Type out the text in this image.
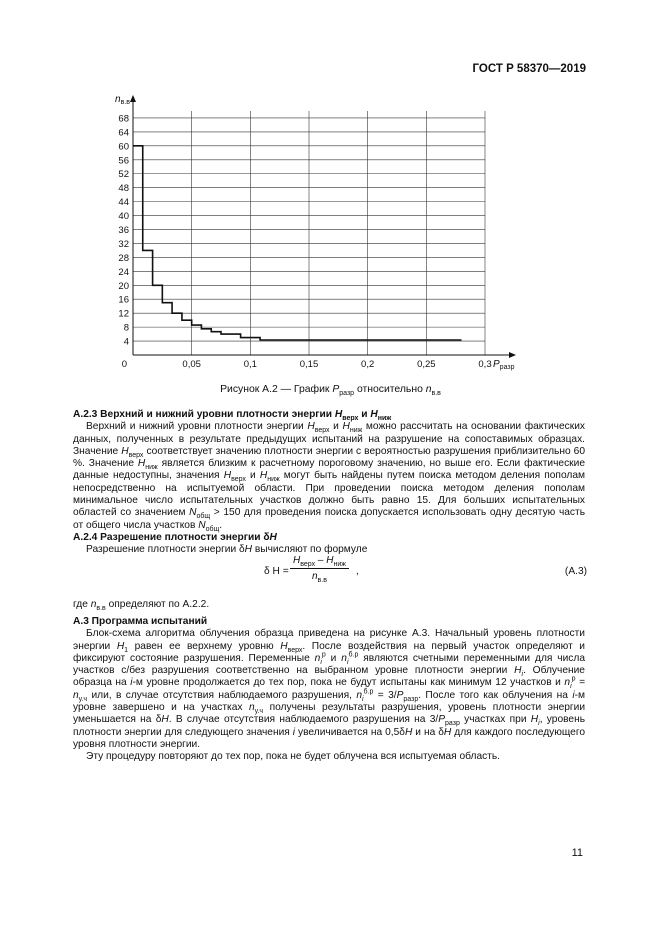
ГОСТ Р 58370—2019
4
8
12
16
20
24
28
32
36
40
44
48
52
56
60
64
68
0	0,05	0,1	0,15	0,2	0,25	0,3
$n_{в.в}$
$P_{разр}$
Рисунок А.2 — График $P_{разр}$ относительно $n_{в.в}$
А.2.3 Верхний и нижний уровни плотности энергии $H_{верх}$ и $H_{ниж}$
Верхний и нижний уровни плотности энергии $H_{верх}$ и $H_{ниж}$ можно рассчитать на основании фактических данных, полученных в результате предыдущих испытаний на разрушение на сопоставимых образцах. Значение $H_{верх}$ соответствует значению плотности энергии с вероятностью разрушения приблизительно 60 %. Значение $H_{ниж}$ является близким к расчетному пороговому значению, но выше его. Если фактические данные недоступны, значения $H_{верх}$ и $H_{ниж}$ могут быть найдены путем поиска методом деления пополам непосредственно на испытуемой области. При проведении поиска методом деления пополам минимальное число испытательных участков должно быть равно 15. Для больших испытательных областей со значением $N_{общ} > 150$ для проведения поиска допускается использовать одну десятую часть от общего числа участков $N_{общ}$.
А.2.4 Разрешение плотности энергии δH
Разрешение плотности энергии δH вычисляют по формуле
δ H =
$H_{верх} - H_{ниж}$
$n_{в.в}$
,	(А.3)
где $n_{в.в}$ определяют по А.2.2.
А.3 Программа испытаний
Блок-схема алгоритма облучения образца приведена на рисунке А.3. Начальный уровень плотности энергии $H_1$ равен ее верхнему уровню $H_{верх}$. После воздействия на первый участок определяют и фиксируют состояние разрушения. Переменные $n_i^р$ и $n_i^{б.р}$ являются счетными переменными для числа участков с/без разрушения соответственно на выбранном уровне плотности энергии $H_i$. Облучение образца на i-м уровне продолжается до тех пор, пока не будут испытаны как минимум 12 участков и $n_i^р = n_{у.ч}$ или, в случае отсутствия наблюдаемого разрушения, $n_i^{б.р} = 3/P_{разр}$. После того как облучения на i-м уровне завершено и на участках $n_{у.ч}$ получены результаты разрушения, уровень плотности энергии уменьшается на δH. В случае отсутствия наблюдаемого разрушения на $3/P_{разр}$ участках при $H_i$, уровень плотности энергии для следующего значения i увеличивается на 0,5δH и на δH для каждого последующего уровня плотности энергии.
Эту процедуру повторяют до тех пор, пока не будет облучена вся испытуемая область.
11
